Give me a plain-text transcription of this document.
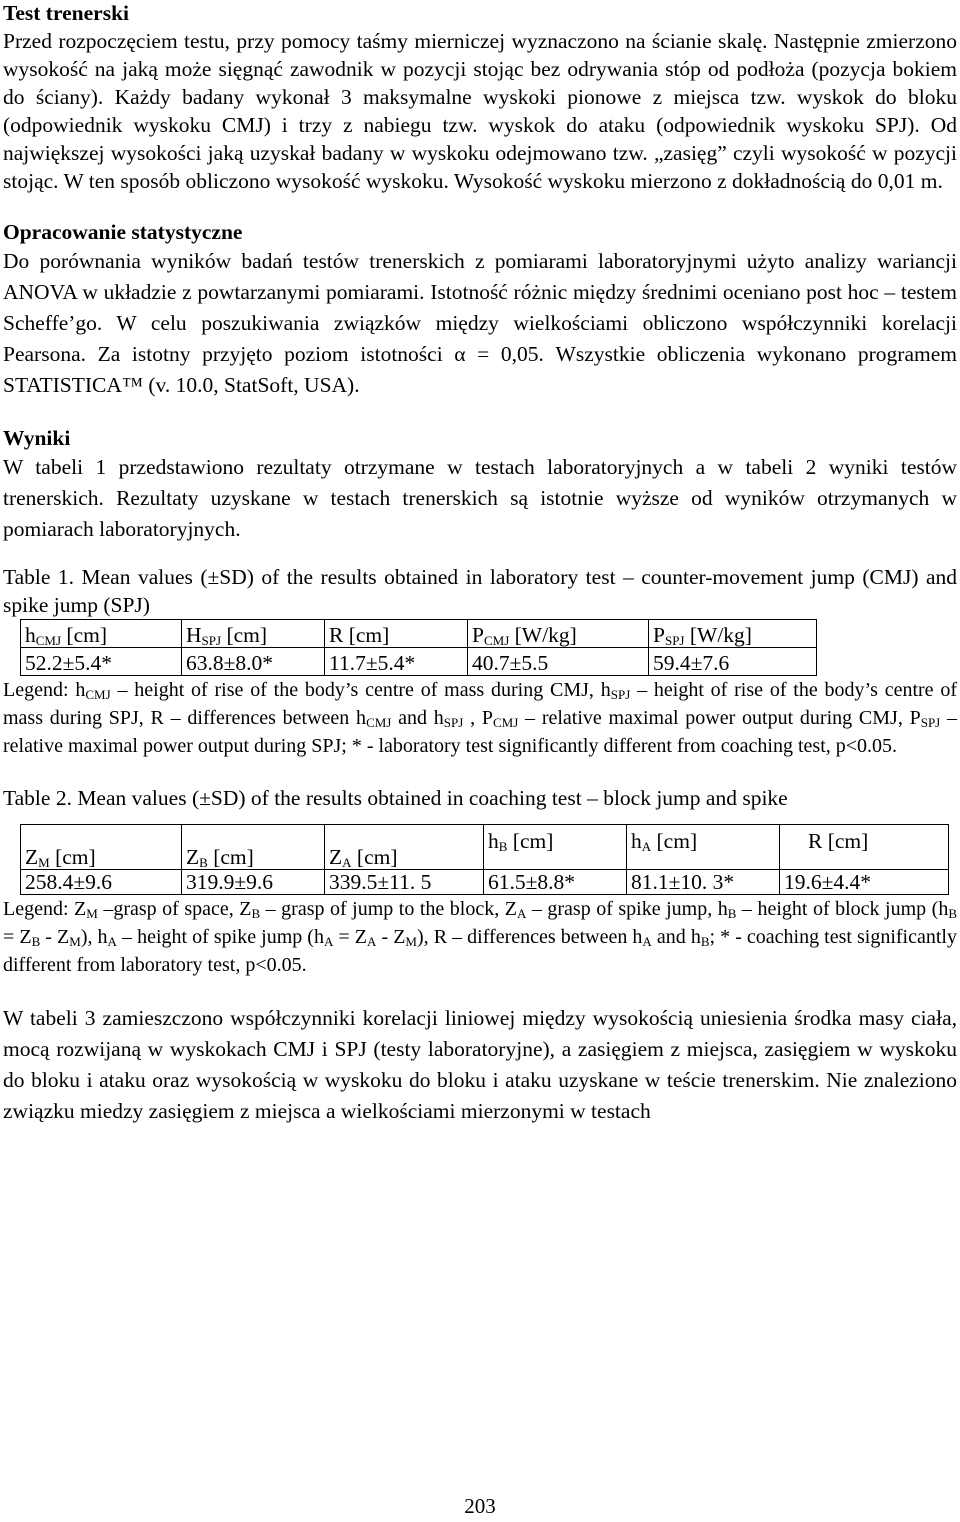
Test trenerski

Przed rozpoczęciem testu, przy pomocy taśmy mierniczej wyznaczono na ścianie skalę. Następnie zmierzono wysokość na jaką może sięgnąć zawodnik w pozycji stojąc bez odrywania stóp od podłoża (pozycja bokiem do ściany). Każdy badany wykonał 3 maksymalne wyskoki pionowe z miejsca tzw. wyskok do bloku (odpowiednik wyskoku CMJ) i trzy z nabiegu tzw. wyskok do ataku (odpowiednik wyskoku SPJ). Od największej wysokości jaką uzyskał badany w wyskoku odejmowano tzw. „zasięg” czyli wysokość w pozycji stojąc. W ten sposób obliczono wysokość wyskoku. Wysokość wyskoku mierzono z dokładnością do 0,01 m.

Opracowanie statystyczne

Do porównania wyników badań testów trenerskich z pomiarami laboratoryjnymi użyto analizy wariancji ANOVA w układzie z powtarzanymi pomiarami. Istotność różnic między średnimi oceniano post hoc – testem Scheffe’go. W celu poszukiwania związków między wielkościami obliczono współczynniki korelacji Pearsona. Za istotny przyjęto poziom istotności α = 0,05. Wszystkie obliczenia wykonano programem STATISTICA™ (v. 10.0, StatSoft, USA).

Wyniki

W tabeli 1 przedstawiono rezultaty otrzymane w testach laboratoryjnych a w tabeli 2 wyniki testów trenerskich. Rezultaty uzyskane w testach trenerskich są istotnie wyższe od wyników otrzymanych w pomiarach laboratoryjnych.

Table 1. Mean values (±SD) of the results obtained in laboratory test – counter-movement jump (CMJ) and spike jump (SPJ)

$h_{CMJ}$ [cm]	$H_{SPJ}$ [cm]	R [cm]	$P_{CMJ}$ [W/kg]	$P_{SPJ}$ [W/kg]
52.2±5.4*	63.8±8.0*	11.7±5.4*	40.7±5.5	59.4±7.6

Legend: $h_{CMJ}$ – height of rise of the body’s centre of mass during CMJ, $h_{SPJ}$ – height of rise of the body’s centre of mass during SPJ, R – differences between $h_{CMJ}$ and $h_{SPJ}$ , $P_{CMJ}$ – relative maximal power output during CMJ, $P_{SPJ}$ – relative maximal power output during SPJ; * - laboratory test significantly different from coaching test, p<0.05.

Table 2. Mean values (±SD) of the results obtained in coaching test – block jump and spike

$Z_M$ [cm]	$Z_B$ [cm]	$Z_A$ [cm]	$h_B$ [cm]	$h_A$ [cm]	R [cm]
258.4±9.6	319.9±9.6	339.5±11. 5	61.5±8.8*	81.1±10. 3*	19.6±4.4*

Legend: $Z_M$ –grasp of space, $Z_B$ – grasp of jump to the block, $Z_A$ – grasp of spike jump, $h_B$ – height of block jump $(h_B = Z_B - Z_M)$, $h_A$ – height of spike jump $(h_A = Z_A - Z_M)$, R – differences between $h_A$ and $h_B$; * - coaching test significantly different from laboratory test, p<0.05.

W tabeli 3 zamieszczono współczynniki korelacji liniowej między wysokością uniesienia środka masy ciała, mocą rozwijaną w wyskokach CMJ i SPJ (testy laboratoryjne), a zasięgiem z miejsca, zasięgiem w wyskoku do bloku i ataku oraz wysokością w wyskoku do bloku i ataku uzyskane w teście trenerskim. Nie znaleziono związku miedzy zasięgiem z miejsca a wielkościami mierzonymi w testach

203
